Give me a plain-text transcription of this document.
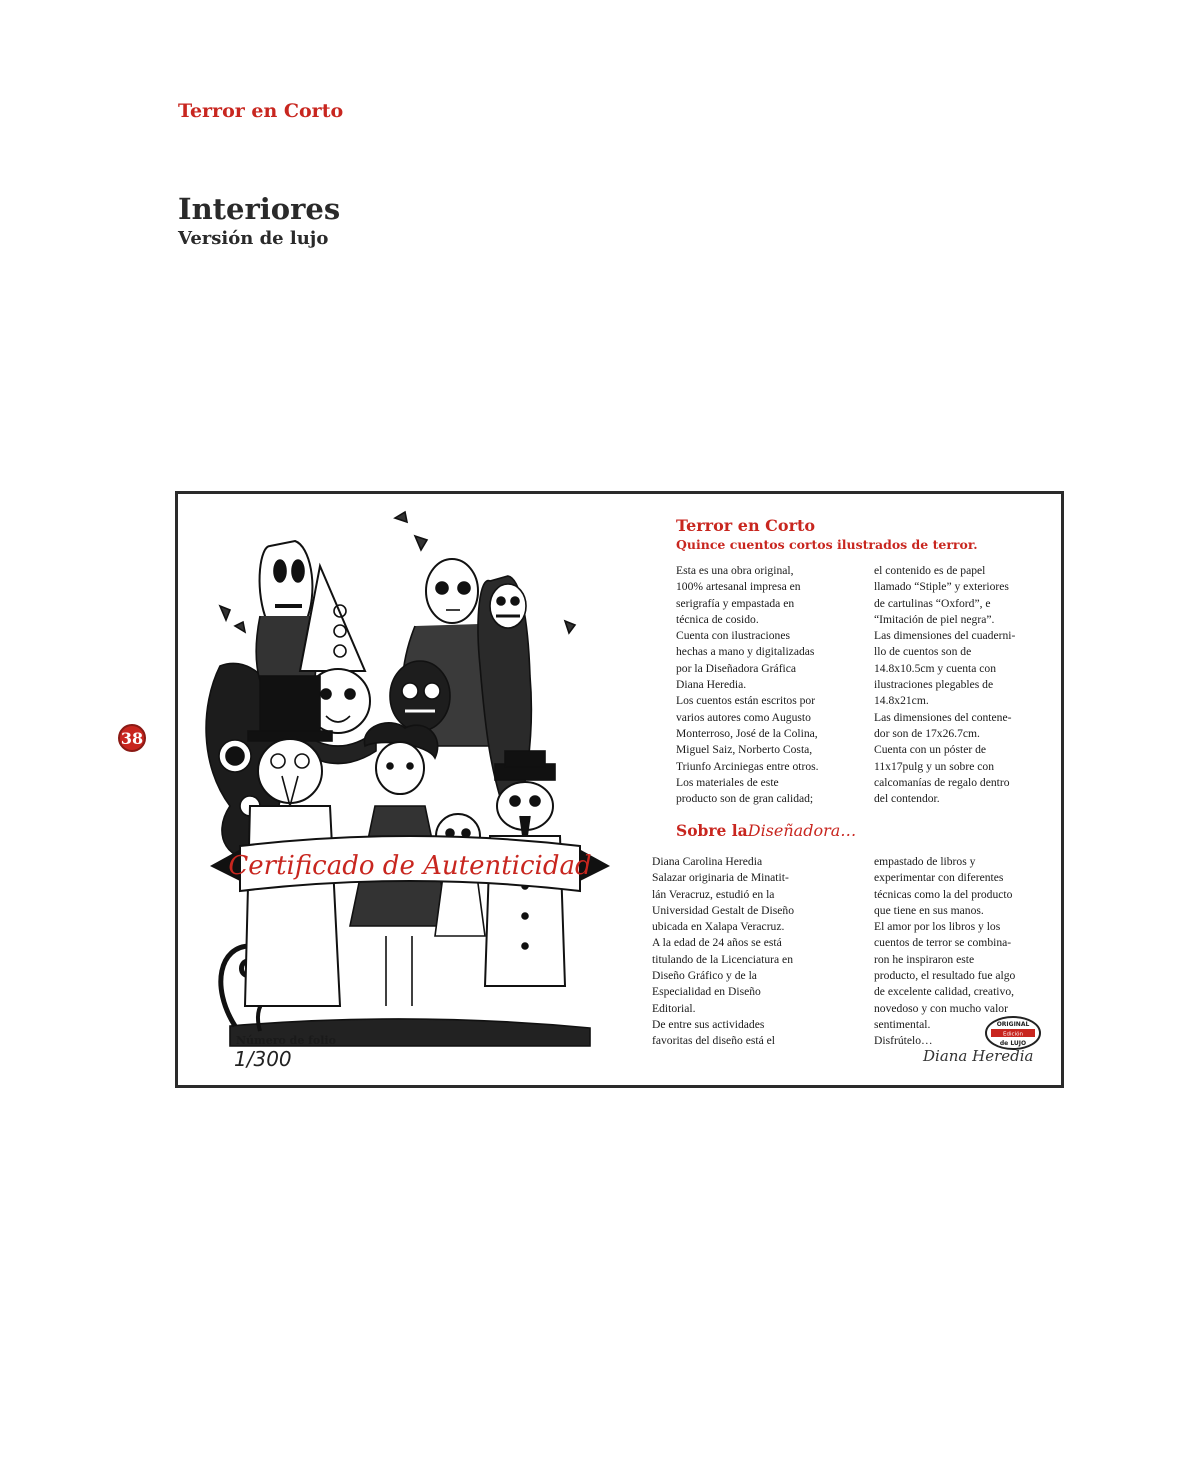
Terror en Corto
Interiores
Versión de lujo
38
Certificado de Autenticidad
Número de folio
1/300
Terror en Corto
Quince cuentos cortos ilustrados de terror.
Esta es una obra original,
100% artesanal impresa en
serigrafía y empastada en
técnica de cosido.
Cuenta con ilustraciones
hechas a mano y digitalizadas
por la Diseñadora Gráfica
Diana Heredia.
Los cuentos están escritos por
varios autores como Augusto
Monterroso, José de la Colina,
Miguel Saiz, Norberto Costa,
Triunfo Arciniegas entre otros.
Los materiales de este
producto son de gran calidad;
el contenido es de papel
llamado “Stiple” y exteriores
de cartulinas “Oxford”, e
“Imitación de piel negra”.
Las dimensiones del cuaderni-
llo de cuentos son de
14.8x10.5cm y cuenta con
ilustraciones plegables de
14.8x21cm.
Las dimensiones del contene-
dor son de 17x26.7cm.
Cuenta con un póster de
11x17pulg y un sobre con
calcomanías de regalo dentro
del contendor.
Sobre laDiseñadora…
Diana Carolina Heredia
Salazar originaria de Minatit-
lán Veracruz, estudió en la
Universidad Gestalt de Diseño
ubicada en Xalapa Veracruz.
A la edad de 24 años se está
titulando de la Licenciatura en
Diseño Gráfico y de la
Especialidad en Diseño
Editorial.
De entre sus actividades
favoritas del diseño está el
empastado de libros y
experimentar con diferentes
técnicas como la del producto
que tiene en sus manos.
El amor por los libros y los
cuentos de terror se combina-
ron he inspiraron este
producto, el resultado fue algo
de excelente calidad, creativo,
novedoso y con mucho valor
sentimental.
Disfrútelo…
ORIGINAL
Edición
de LUJO
Diana Heredia
